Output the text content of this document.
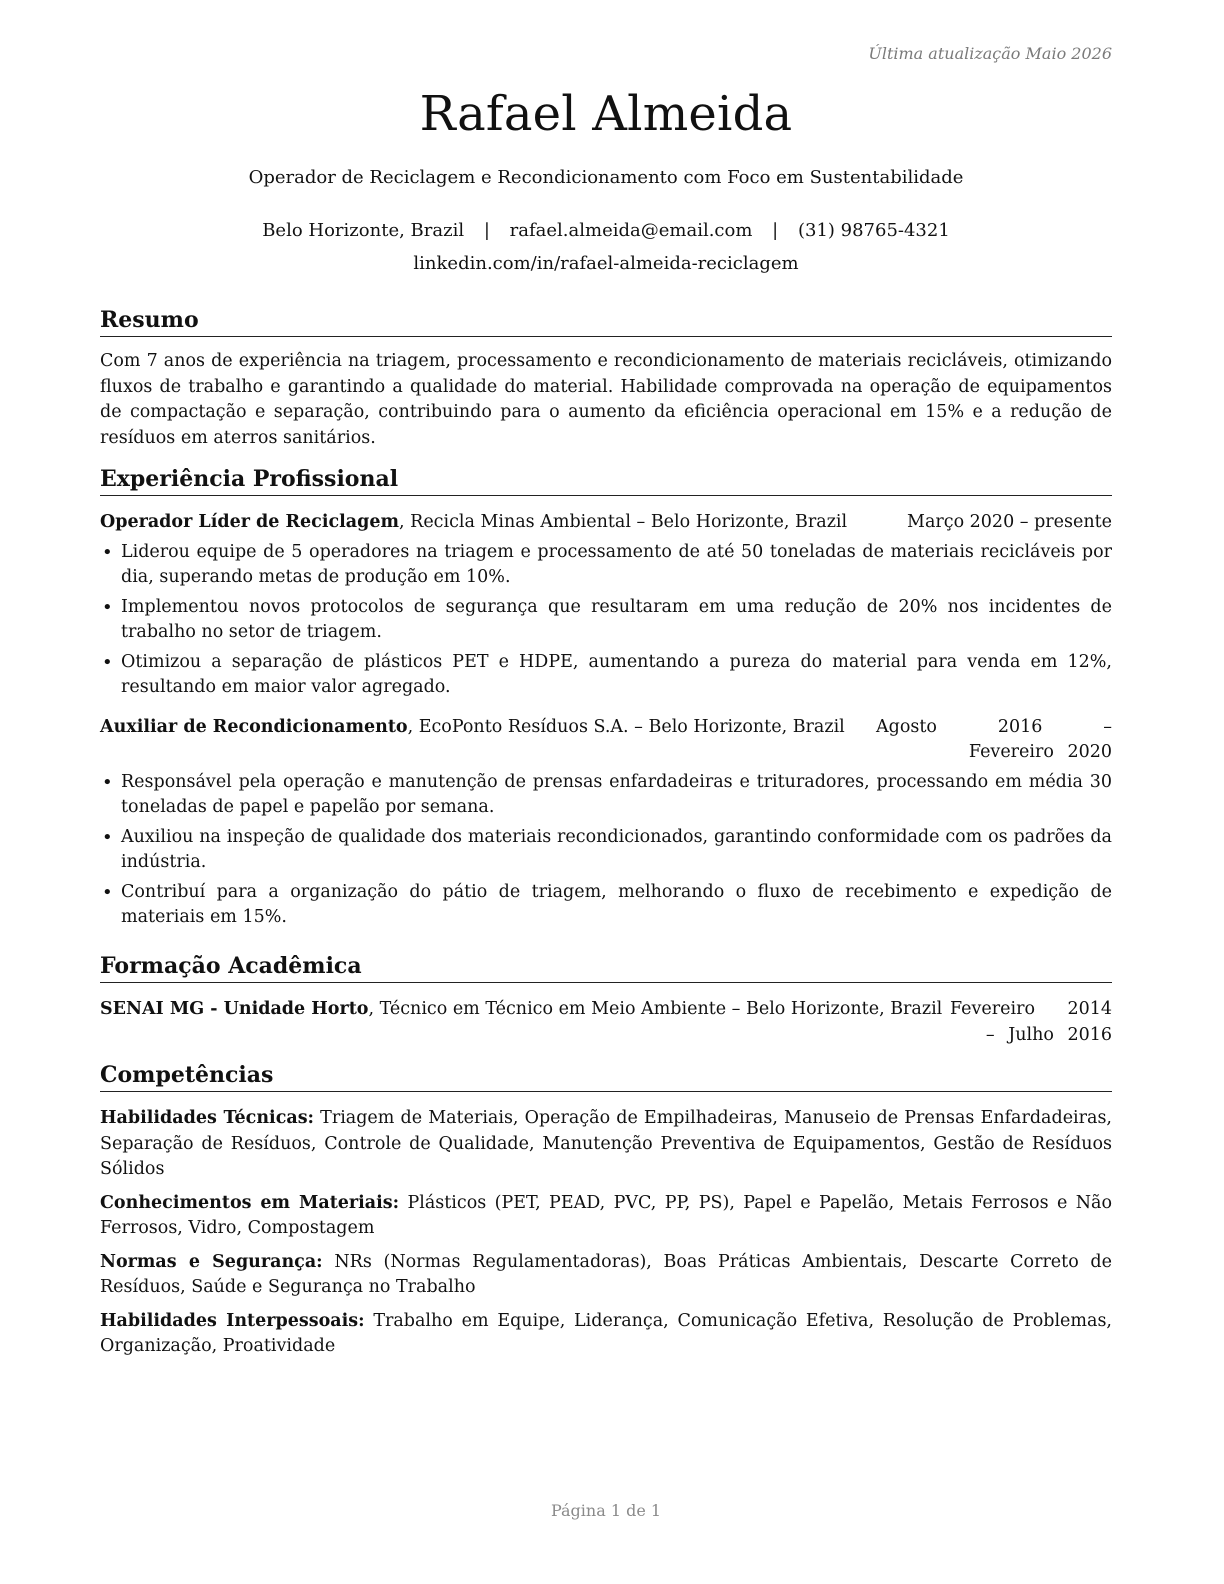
Última atualização Maio 2026
Rafael Almeida
Operador de Reciclagem e Recondicionamento com Foco em Sustentabilidade
Belo Horizonte, Brazil | rafael.almeida@email.com | (31) 98765-4321
linkedin.com/in/rafael-almeida-reciclagem
Resumo

Com 7 anos de experiência na triagem, processamento e recondicionamento de materiais recicláveis, otimizando fluxos de trabalho e garantindo a qualidade do material. Habilidade comprovada na operação de equipamentos de compactação e separação, contribuindo para o aumento da eficiência operacional em 15% e a redução de resíduos em aterros sanitários.

Experiência Profissional
Operador Líder de Reciclagem, Recicla Minas Ambiental – Belo Horizonte, Brazil	Março 2020 – presente
• Liderou equipe de 5 operadores na triagem e processamento de até 50 toneladas de materiais recicláveis por dia, superando metas de produção em 10%.
• Implementou novos protocolos de segurança que resultaram em uma redução de 20% nos incidentes de trabalho no setor de triagem.
• Otimizou a separação de plásticos PET e HDPE, aumentando a pureza do material para venda em 12%, resultando em maior valor agregado.
Auxiliar de Recondicionamento, EcoPonto Resíduos S.A. – Belo Horizonte, Brazil Agosto 2016 – Fevereiro 2020
• Responsável pela operação e manutenção de prensas enfardadeiras e trituradores, processando em média 30 toneladas de papel e papelão por semana.
• Auxiliou na inspeção de qualidade dos materiais recondicionados, garantindo conformidade com os padrões da indústria.
• Contribuí para a organização do pátio de triagem, melhorando o fluxo de recebimento e expedição de materiais em 15%.
Formação Acadêmica
SENAI MG - Unidade Horto, Técnico em Técnico em Meio Ambiente – Belo Horizonte, Brazil Fevereiro 2014 – Julho 2016
Competências

Habilidades Técnicas: Triagem de Materiais, Operação de Empilhadeiras, Manuseio de Prensas Enfardadeiras, Separação de Resíduos, Controle de Qualidade, Manutenção Preventiva de Equipamentos, Gestão de Resíduos Sólidos

Conhecimentos em Materiais: Plásticos (PET, PEAD, PVC, PP, PS), Papel e Papelão, Metais Ferrosos e Não Ferrosos, Vidro, Compostagem

Normas e Segurança: NRs (Normas Regulamentadoras), Boas Práticas Ambientais, Descarte Correto de Resíduos, Saúde e Segurança no Trabalho

Habilidades Interpessoais: Trabalho em Equipe, Liderança, Comunicação Efetiva, Resolução de Problemas, Organização, Proatividade

Página 1 de 1
